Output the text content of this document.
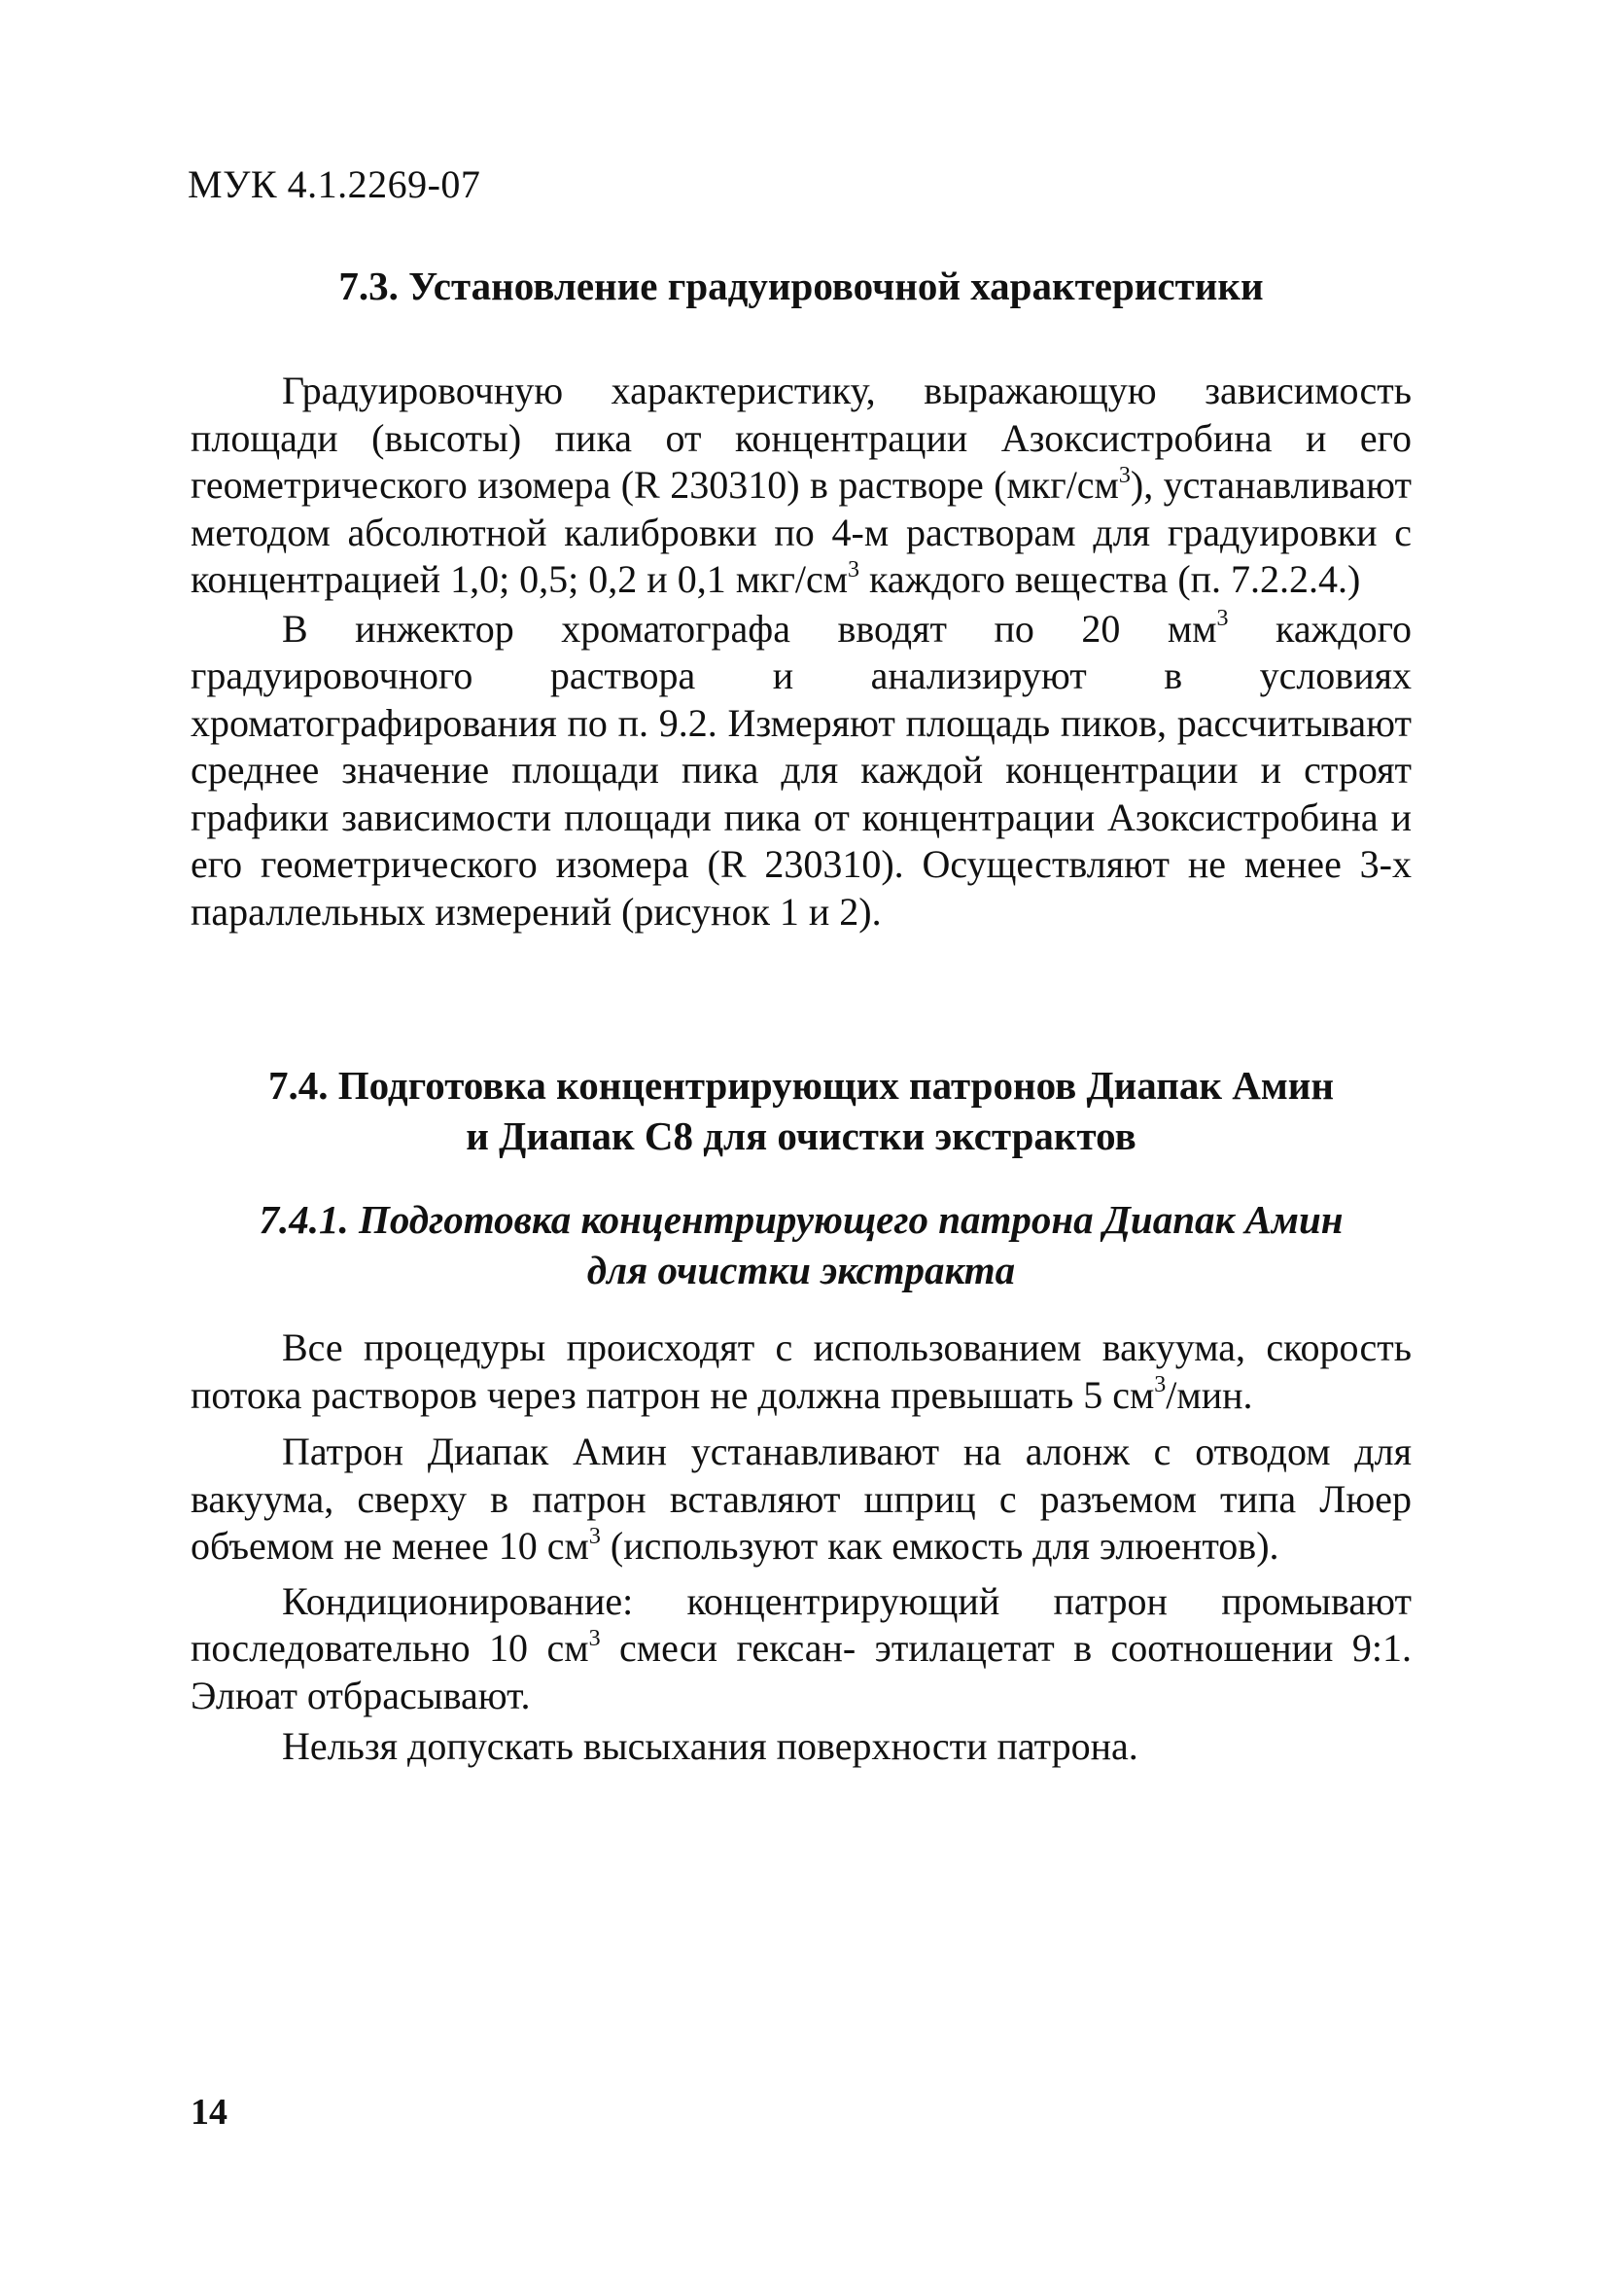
МУК 4.1.2269-07
7.3. Установление градуировочной характеристики

Градуировочную характеристику, выражающую зависимость площади (высоты) пика от концентрации Азоксистробина и его геометрического изомера (R 230310) в растворе $(мкг/см^3)$, устанавливают методом абсолютной калибровки по 4-м растворам для градуировки с концентрацией 1,0; 0,5; 0,2 и 0,1 мкг/$см^3$ каждого вещества (п. 7.2.2.4.)

В инжектор хроматографа вводят по 20 $мм^3$ каждого градуировочного раствора и анализируют в условиях хроматографирования по п. 9.2. Измеряют площадь пиков, рассчитывают среднее значение площади пика для каждой концентрации и строят графики зависимости площади пика от концентрации Азоксистробина и его геометрического изомера (R 230310). Осуществляют не менее 3-х параллельных измерений (рисунок 1 и 2).

7.4. Подготовка концентрирующих патронов Диапак Амин
и Диапак С8 для очистки экстрактов
7.4.1. Подготовка концентрирующего патрона Диапак Амин
для очистки экстракта

Все процедуры происходят с использованием вакуума, скорость потока растворов через патрон не должна превышать 5 $см^3$/мин.

Патрон Диапак Амин устанавливают на алонж с отводом для вакуума, сверху в патрон вставляют шприц с разъемом типа Люер объемом не менее 10 $см^3$ (используют как емкость для элюентов).

Кондиционирование: концентрирующий патрон промывают последовательно 10 $см^3$ смеси гексан- этилацетат в соотношении 9:1. Элюат отбрасывают.

Нельзя допускать высыхания поверхности патрона.

14
